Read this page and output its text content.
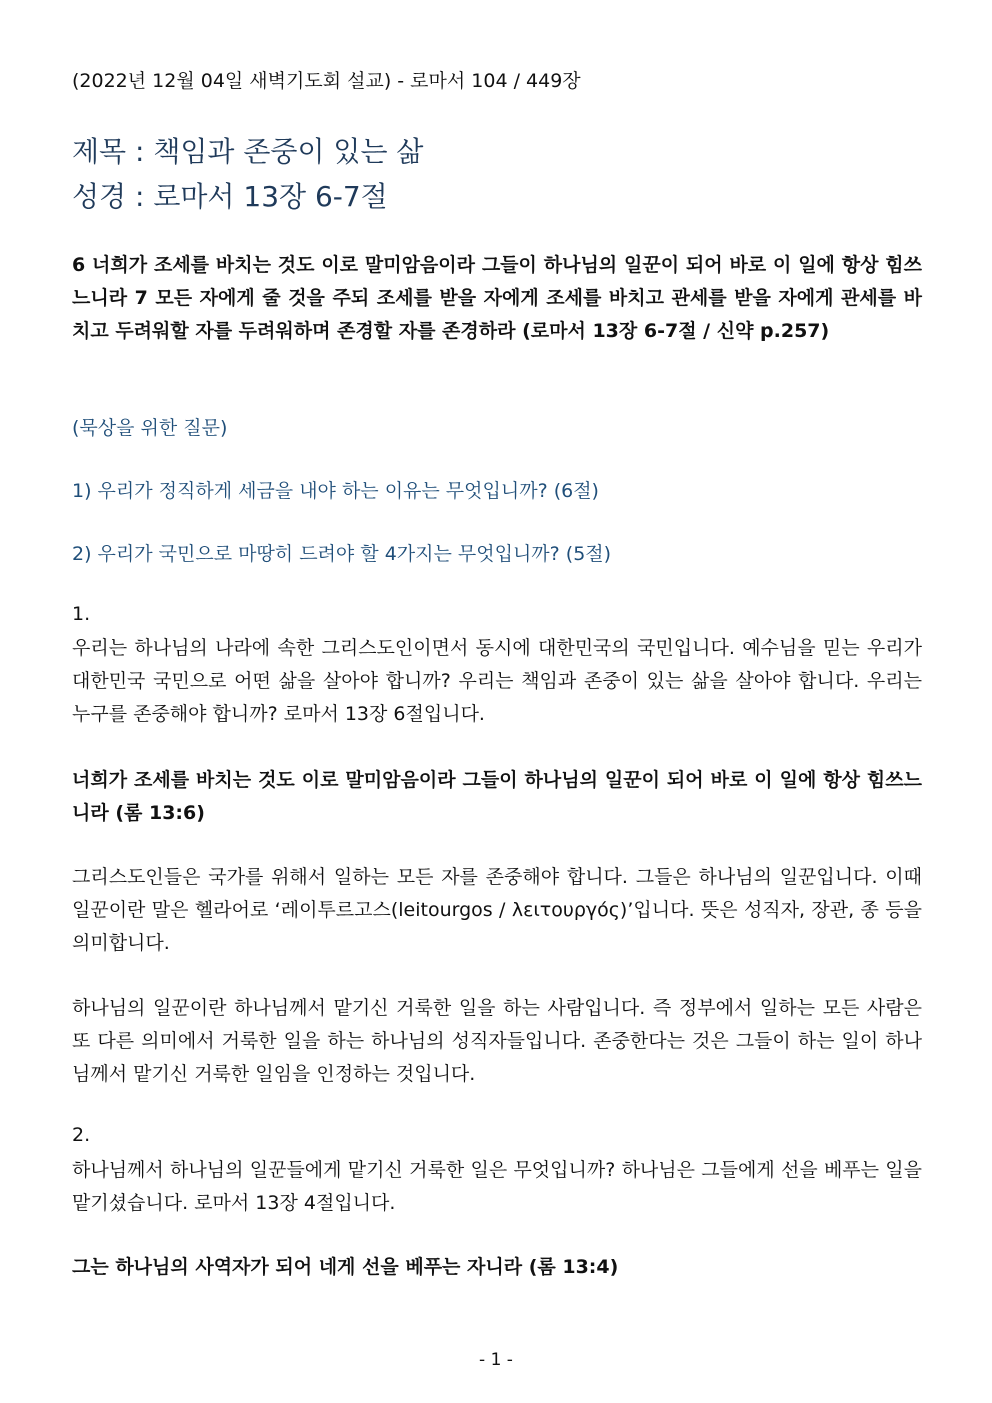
(2022년 12월 04일 새벽기도회 설교) - 로마서 104 / 449장
제목 : 책임과 존중이 있는 삶
성경 : 로마서 13장 6-7절
6 너희가 조세를 바치는 것도 이로 말미암음이라 그들이 하나님의 일꾼이 되어 바로 이 일에 항상 힘쓰느니라 7 모든 자에게 줄 것을 주되 조세를 받을 자에게 조세를 바치고 관세를 받을 자에게 관세를 바치고 두려워할 자를 두려워하며 존경할 자를 존경하라 (로마서 13장 6-7절 / 신약 p.257)
(묵상을 위한 질문)
1) 우리가 정직하게 세금을 내야 하는 이유는 무엇입니까? (6절)
2) 우리가 국민으로 마땅히 드려야 할 4가지는 무엇입니까? (5절)
1.
우리는 하나님의 나라에 속한 그리스도인이면서 동시에 대한민국의 국민입니다. 예수님을 믿는 우리가 대한민국 국민으로 어떤 삶을 살아야 합니까? 우리는 책임과 존중이 있는 삶을 살아야 합니다. 우리는 누구를 존중해야 합니까? 로마서 13장 6절입니다.
너희가 조세를 바치는 것도 이로 말미암음이라 그들이 하나님의 일꾼이 되어 바로 이 일에 항상 힘쓰느니라 (롬 13:6)
그리스도인들은 국가를 위해서 일하는 모든 자를 존중해야 합니다. 그들은 하나님의 일꾼입니다. 이때 일꾼이란 말은 헬라어로 ‘레이투르고스(leitourgos / λειτουργός)’입니다. 뜻은 성직자, 장관, 종 등을 의미합니다.
하나님의 일꾼이란 하나님께서 맡기신 거룩한 일을 하는 사람입니다. 즉 정부에서 일하는 모든 사람은 또 다른 의미에서 거룩한 일을 하는 하나님의 성직자들입니다. 존중한다는 것은 그들이 하는 일이 하나님께서 맡기신 거룩한 일임을 인정하는 것입니다.
2.
하나님께서 하나님의 일꾼들에게 맡기신 거룩한 일은 무엇입니까? 하나님은 그들에게 선을 베푸는 일을 맡기셨습니다. 로마서 13장 4절입니다.
그는 하나님의 사역자가 되어 네게 선을 베푸는 자니라 (롬 13:4)
- 1 -
